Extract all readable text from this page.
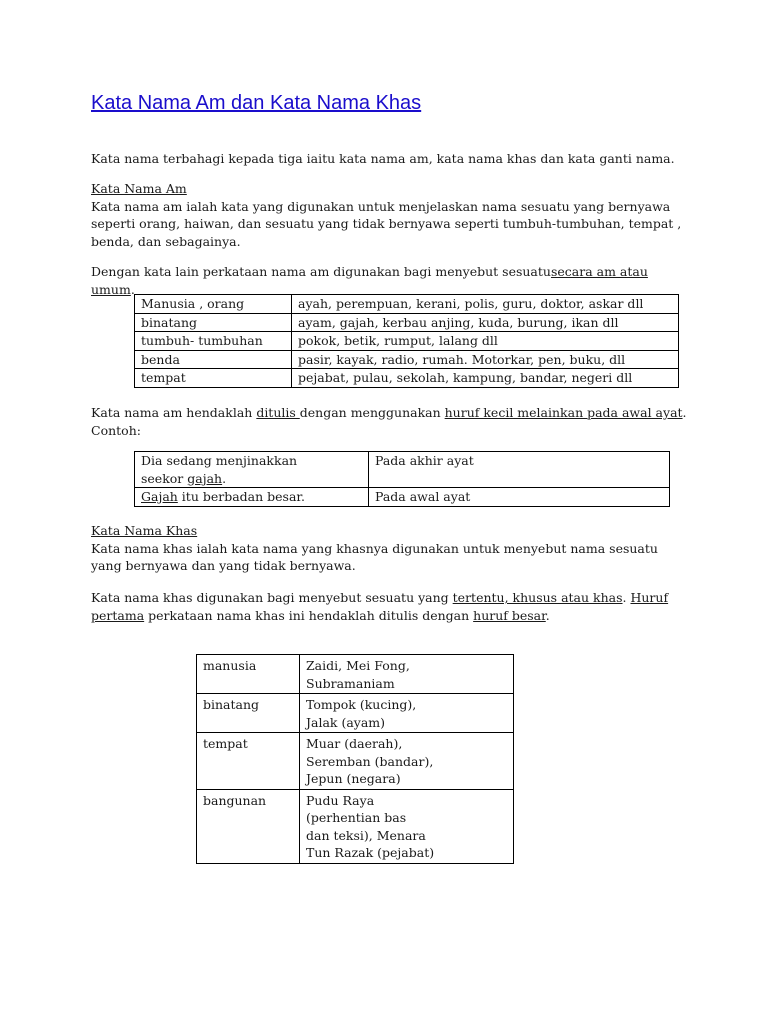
Kata Nama Am dan Kata Nama Khas

Kata nama terbahagi kepada tiga iaitu kata nama am, kata nama khas dan kata ganti nama.

Kata Nama Am
Kata nama am ialah kata yang digunakan untuk menjelaskan nama sesuatu yang bernyawa seperti orang, haiwan, dan sesuatu yang tidak bernyawa seperti tumbuh-tumbuhan, tempat , benda, dan sebagainya.

Dengan kata lain perkataan nama am digunakan bagi menyebut sesuatusecara am atau umum.

Manusia , orang	ayah, perempuan, kerani, polis, guru, doktor, askar dll
binatang	ayam, gajah, kerbau anjing, kuda, burung, ikan dll
tumbuh- tumbuhan	pokok, betik, rumput, lalang dll
benda	pasir, kayak, radio, rumah. Motorkar, pen, buku, dll
tempat	pejabat, pulau, sekolah, kampung, bandar, negeri dll

Kata nama am hendaklah ditulis dengan menggunakan huruf kecil melainkan pada awal ayat.
Contoh:

Dia sedang menjinakkan
seekor gajah.	Pada akhir ayat
Gajah itu berbadan besar.	Pada awal ayat

Kata Nama Khas
Kata nama khas ialah kata nama yang khasnya digunakan untuk menyebut nama sesuatu yang bernyawa dan yang tidak bernyawa.

Kata nama khas digunakan bagi menyebut sesuatu yang tertentu, khusus atau khas. Huruf pertama perkataan nama khas ini hendaklah ditulis dengan huruf besar.

manusia	Zaidi, Mei Fong,
Subramaniam
binatang	Tompok (kucing),
Jalak (ayam)
tempat	Muar (daerah),
Seremban (bandar),
Jepun (negara)
bangunan	Pudu Raya
(perhentian bas
dan teksi), Menara
Tun Razak (pejabat)
